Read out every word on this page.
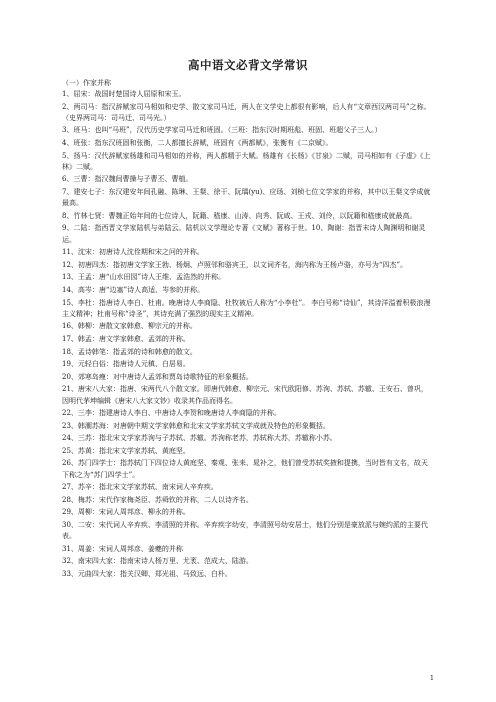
高中语文必背文学常识
（一）作家并称
1、屈宋：战国时楚国诗人屈原和宋玉。
2、两司马：指汉辞赋家司马相如和史学、散文家司马迁，两人在文学史上都很有影响，后人有“文章西汉两司马”之称。（史界两司马：司马迁、司马光。）
3、班马：也叫“马班”，汉代历史学家司马迁和班固。（三班：指东汉时期班彪、班固、班超父子三人。）
4、班张：指东汉班固和张衡，二人都擅长辞赋，班固有《两都赋》，张衡有《二京赋》。
5、扬马：汉代辞赋家杨雄和司马相如的并称，两人都精于大赋。杨雄有《长杨》《甘泉》二赋，司马相如有《子虚》《上林》二赋。
6、三曹：指汉魏间曹操与子曹丕、曹植。
7、建安七子：东汉建安年间孔融、陈琳、王粲、徐干、阮瑀(yu)、应玚、刘桢七位文学家的并称，其中以王粲文学成就最高。
8、竹林七贤：曹魏正始年间的七位诗人，阮籍、嵇康、山涛、向秀、阮咸、王戎、刘伶，以阮籍和嵇康成就最高。
9、二陆：指西晋文学家陆机与弟陆云。陆机以文学理论专著《文赋》著称于世。10、陶谢：指晋末诗人陶渊明和谢灵运。
11、沈宋：初唐诗人沈佺期和宋之问的并称。
12、初唐四杰：指初唐文学家王勃、杨炯、卢照邻和骆宾王，以文词齐名，海内称为王杨卢骆，亦号为“四杰”。
13、王孟：唐“山水田园”诗人王维、孟浩然的并称。
14、高岑：唐“边塞”诗人高适、岑参的并称。
15、李杜：指唐诗人李白、杜甫。晚唐诗人李商隐、杜牧被后人称为“小李杜”。 李白号称“诗仙”，其诗洋溢着积极浪漫主义精神；杜甫号称“诗圣”，其诗充满了强烈的现实主义精神。
16、韩柳：唐散文家韩愈、柳宗元的并称。
17、韩孟：唐文学家韩愈、孟郊的并称。
18、孟诗韩笔：指孟郊的诗和韩愈的散文。
19、元轻白俗：指唐诗人元稹、白居易。
20、郊寒岛瘦：对中唐诗人孟郊和贾岛诗歌特征的形象概括。
21、唐宋八大家：指唐、宋两代八个散文家。即唐代韩愈、柳宗元、宋代欧阳修、苏洵、苏轼、苏辙、王安石、曾巩，因明代茅坤编辑《唐宋八大家文钞》收录其作品而得名。
22、三李：指建唐诗人李白、中唐诗人李贺和晚唐诗人李商隐的并称。
23、韩潮苏海：对唐朝中期文学家韩愈和北宋文学家苏轼文学成就及特色的形象概括。
24、三苏：指北宋文学家苏洵与子苏轼、苏辙。苏洵称老苏，苏轼称大苏，苏辙称小苏。
25、苏黄：指北宋文学家苏轼、黄庭坚。
26、苏门四学士：指苏轼门下四位诗人黄庭坚、秦观、张耒、晁补之，他们曾受苏轼奖掖和提携，当时皆有文名，故天下称之为“苏门四学士”。
27、苏辛：指北宋文学家苏轼、南宋词人辛弃疾。
28、梅苏：宋代作家梅尧臣、苏舜钦的并称，二人以诗齐名。
29、周柳：宋词人周邦彦、柳永的并称。
30、二安：宋代词人辛弃疾、李清照的并称。辛弃疾字幼安，李清照号幼安居士，他们分别是豪放派与婉约派的主要代表。
31、周姜：宋词人周邦彦、姜夔的并称
32、南宋四大家：指南宋诗人杨万里、尤袤、范成大、陆游。
33、元曲四大家：指关汉卿、郑光祖、马致远、白朴。
1
